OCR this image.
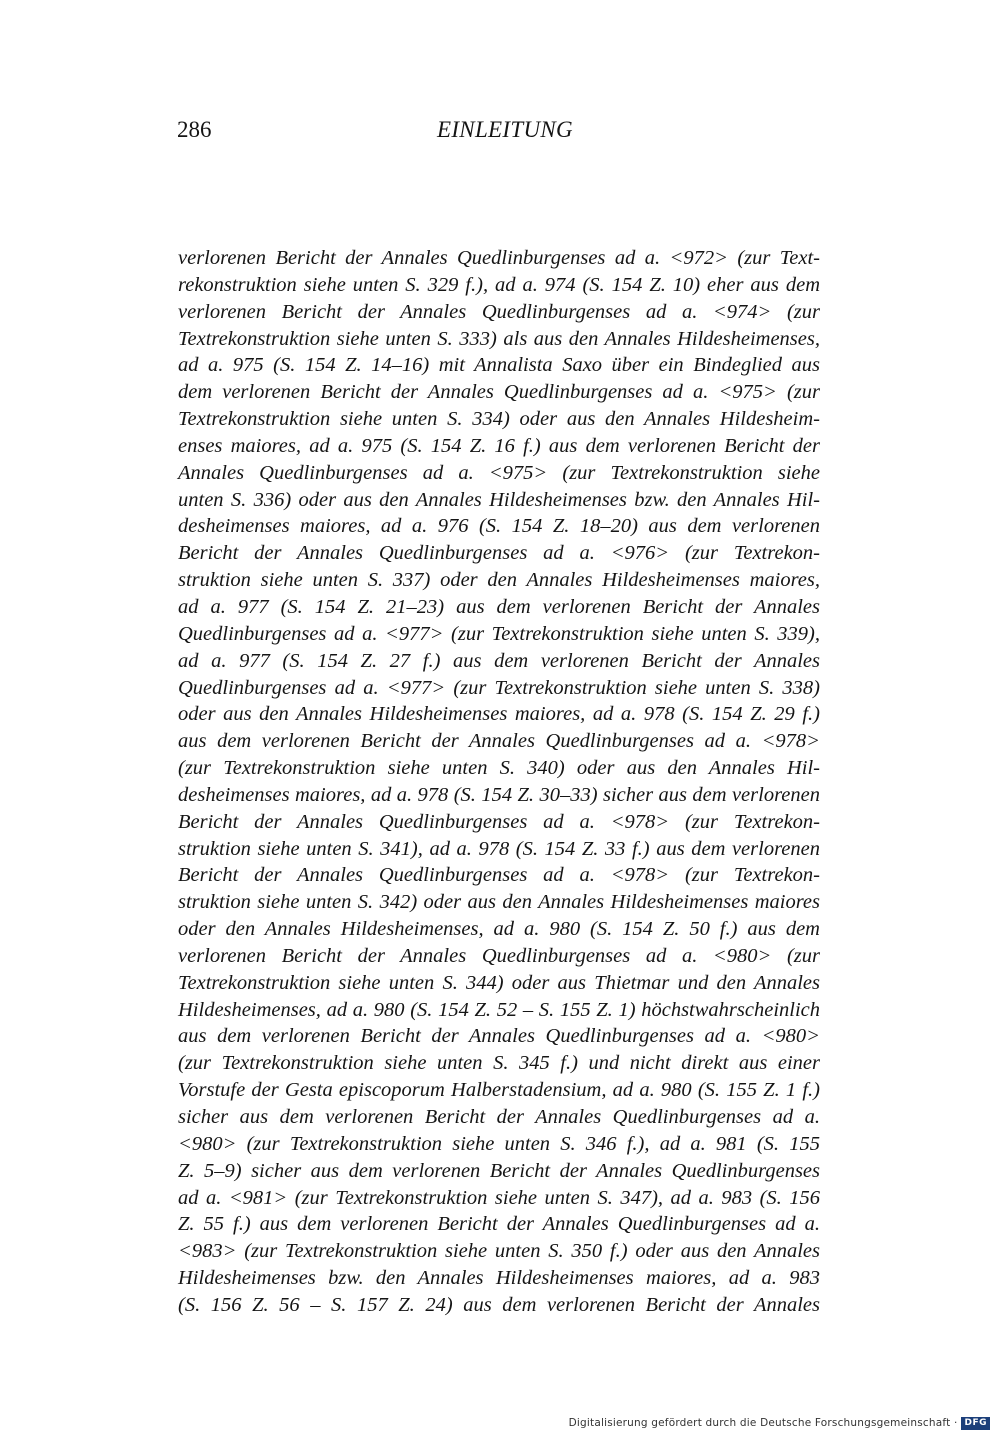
286	EINLEITUNG
verlorenen Bericht der Annales Quedlinburgenses ad a. <972> (zur Text-
rekonstruktion siehe unten S. 329 f.), ad a. 974 (S. 154 Z. 10) eher aus dem
verlorenen Bericht der Annales Quedlinburgenses ad a. <974> (zur
Textrekonstruktion siehe unten S. 333) als aus den Annales Hildesheimenses,
ad a. 975 (S. 154 Z. 14–16) mit Annalista Saxo über ein Bindeglied aus
dem verlorenen Bericht der Annales Quedlinburgenses ad a. <975> (zur
Textrekonstruktion siehe unten S. 334) oder aus den Annales Hildesheim-
enses maiores, ad a. 975 (S. 154 Z. 16 f.) aus dem verlorenen Bericht der
Annales Quedlinburgenses ad a. <975> (zur Textrekonstruktion siehe
unten S. 336) oder aus den Annales Hildesheimenses bzw. den Annales Hil-
desheimenses maiores, ad a. 976 (S. 154 Z. 18–20) aus dem verlorenen
Bericht der Annales Quedlinburgenses ad a. <976> (zur Textrekon-
struktion siehe unten S. 337) oder den Annales Hildesheimenses maiores,
ad a. 977 (S. 154 Z. 21–23) aus dem verlorenen Bericht der Annales
Quedlinburgenses ad a. <977> (zur Textrekonstruktion siehe unten S. 339),
ad a. 977 (S. 154 Z. 27 f.) aus dem verlorenen Bericht der Annales
Quedlinburgenses ad a. <977> (zur Textrekonstruktion siehe unten S. 338)
oder aus den Annales Hildesheimenses maiores, ad a. 978 (S. 154 Z. 29 f.)
aus dem verlorenen Bericht der Annales Quedlinburgenses ad a. <978>
(zur Textrekonstruktion siehe unten S. 340) oder aus den Annales Hil-
desheimenses maiores, ad a. 978 (S. 154 Z. 30–33) sicher aus dem verlorenen
Bericht der Annales Quedlinburgenses ad a. <978> (zur Textrekon-
struktion siehe unten S. 341), ad a. 978 (S. 154 Z. 33 f.) aus dem verlorenen
Bericht der Annales Quedlinburgenses ad a. <978> (zur Textrekon-
struktion siehe unten S. 342) oder aus den Annales Hildesheimenses maiores
oder den Annales Hildesheimenses, ad a. 980 (S. 154 Z. 50 f.) aus dem
verlorenen Bericht der Annales Quedlinburgenses ad a. <980> (zur
Textrekonstruktion siehe unten S. 344) oder aus Thietmar und den Annales
Hildesheimenses, ad a. 980 (S. 154 Z. 52 – S. 155 Z. 1) höchstwahrscheinlich
aus dem verlorenen Bericht der Annales Quedlinburgenses ad a. <980>
(zur Textrekonstruktion siehe unten S. 345 f.) und nicht direkt aus einer
Vorstufe der Gesta episcoporum Halberstadensium, ad a. 980 (S. 155 Z. 1 f.)
sicher aus dem verlorenen Bericht der Annales Quedlinburgenses ad a.
<980> (zur Textrekonstruktion siehe unten S. 346 f.), ad a. 981 (S. 155
Z. 5–9) sicher aus dem verlorenen Bericht der Annales Quedlinburgenses
ad a. <981> (zur Textrekonstruktion siehe unten S. 347), ad a. 983 (S. 156
Z. 55 f.) aus dem verlorenen Bericht der Annales Quedlinburgenses ad a.
<983> (zur Textrekonstruktion siehe unten S. 350 f.) oder aus den Annales
Hildesheimenses bzw. den Annales Hildesheimenses maiores, ad a. 983
(S. 156 Z. 56 – S. 157 Z. 24) aus dem verlorenen Bericht der Annales
Digitalisierung gefördert durch die Deutsche Forschungsgemeinschaft · DFG
